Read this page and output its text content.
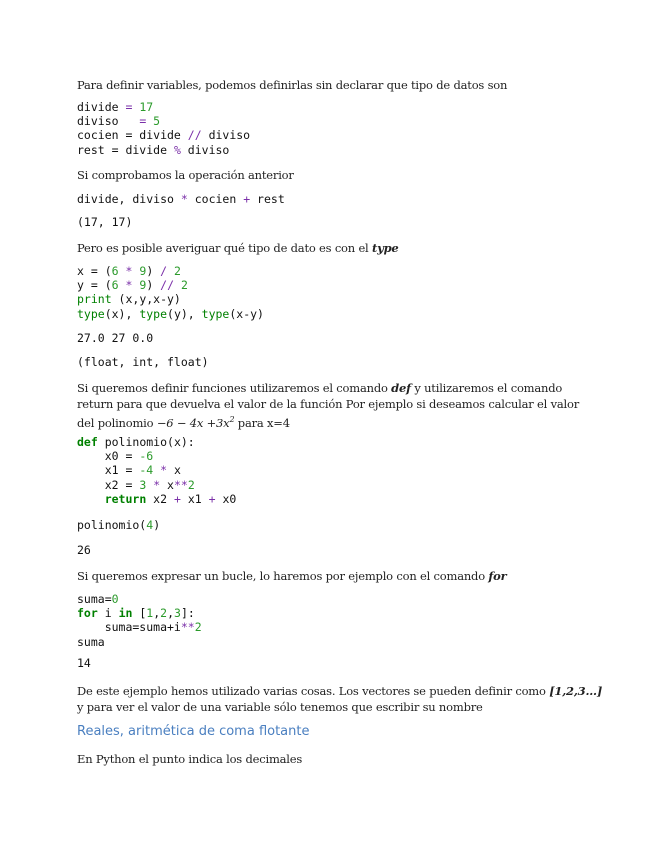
Para definir variables, podemos definirlas sin declarar que tipo de datos son
divide = 17
diviso   = 5
cocien = divide // diviso
rest = divide % diviso
Si comprobamos la operación anterior
divide, diviso * cocien + rest
(17, 17)
Pero es posible averiguar qué tipo de dato es con el type
x = (6 * 9) / 2
y = (6 * 9) // 2
print (x,y,x-y)
type(x), type(y), type(x-y)
27.0 27 0.0
(float, int, float)
Si queremos definir funciones utilizaremos el comando def y utilizaremos el comando
return para que devuelva el valor de la función Por ejemplo si deseamos calcular el valor
del polinomio $-6 - 4x +3x^2$ para x=4
def polinomio(x):
x0 = -6
x1 = -4 * x
x2 = 3 * x**2
return x2 + x1 + x0
polinomio(4)
26
Si queremos expresar un bucle, lo haremos por ejemplo con el comando for
suma=0
for i in [1,2,3]:
suma=suma+i**2
suma
14
De este ejemplo hemos utilizado varias cosas. Los vectores se pueden definir como [1,2,3...]
y para ver el valor de una variable sólo tenemos que escribir su nombre
Reales, aritmética de coma flotante
En Python el punto indica los decimales
